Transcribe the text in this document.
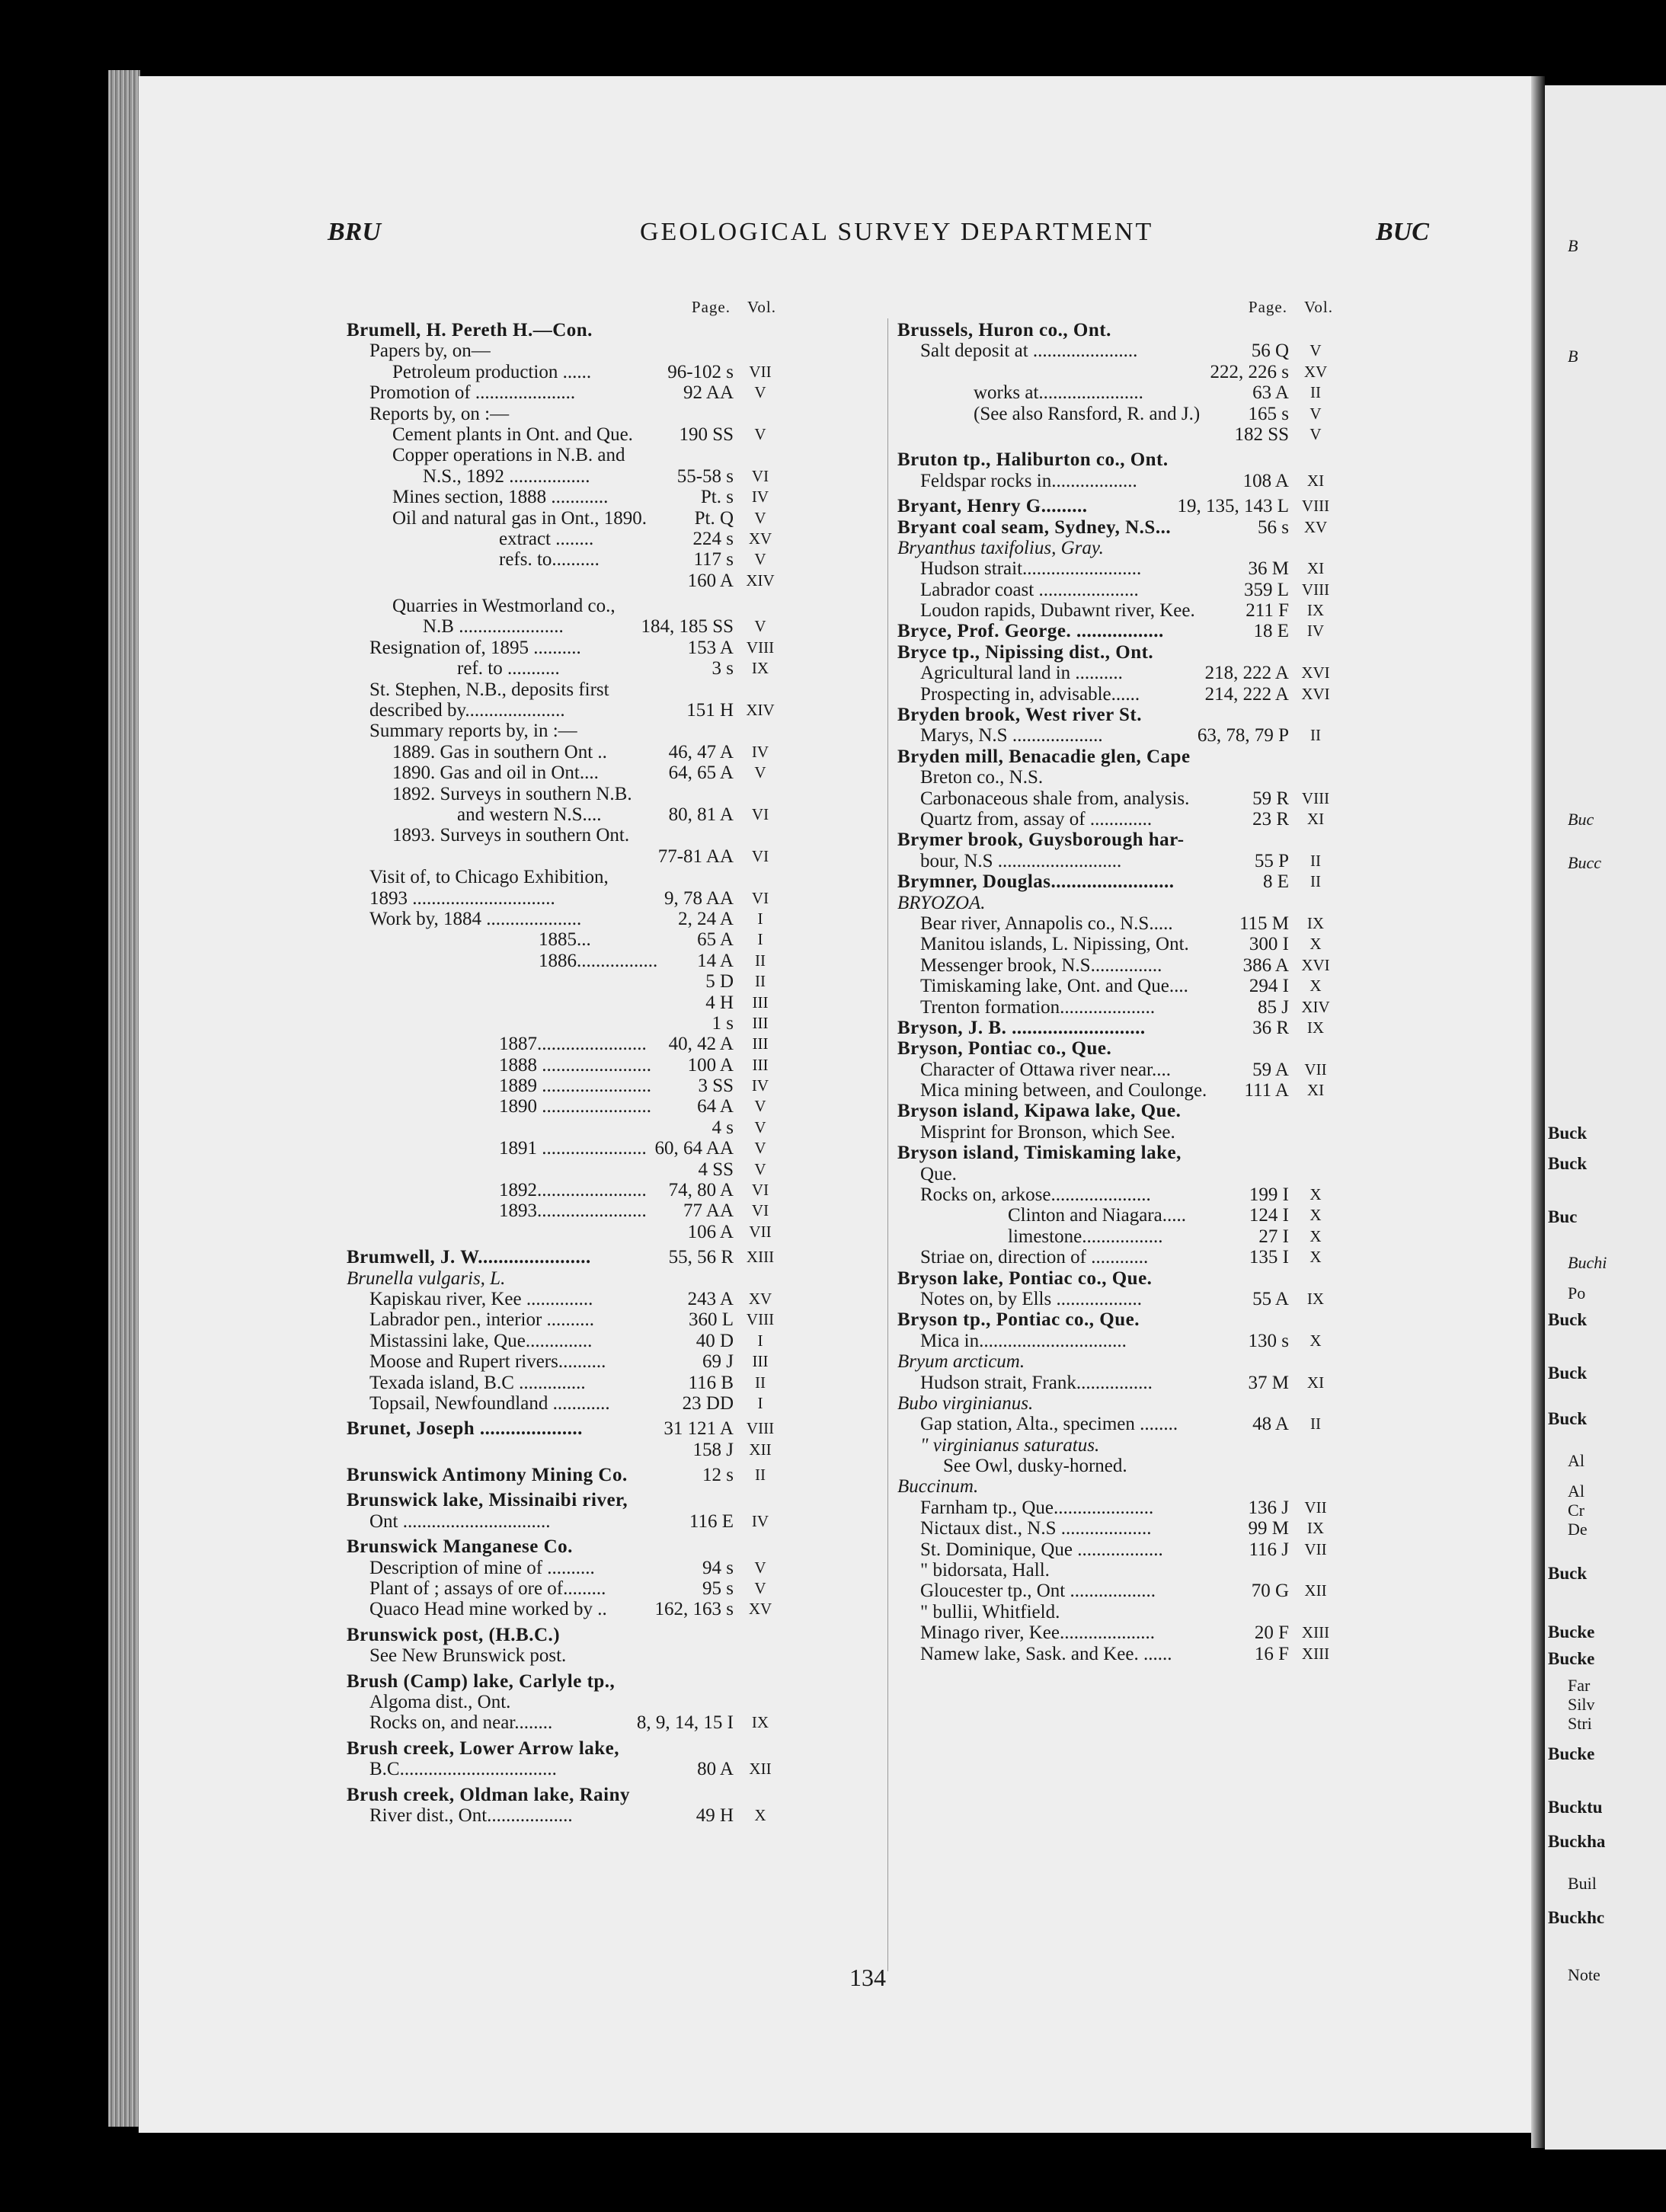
B
B
Buc
Bucc
Buck
Buck
Buc
Buchi
Po
Buck
Buck
Buck
Al
Al
Cr
De
Buck
Bucke
Bucke
Far
Silv
Stri
Bucke
Bucktu
Buckha
Buil
Buckhc
Note
BRU	GEOLOGICAL SURVEY DEPARTMENT	BUC
Page. Vol.
Brumell, H. Pereth H.—Con.
Papers by, on—
Petroleum production ......	96-102 s VII
Promotion of .....................	92 AA	V
Reports by, on :—
Cement plants in Ont. and Que. 190 SS	V
Copper operations in N.B. and
N.S., 1892 .................	55-58 s	VI
Mines section, 1888 ............	Pt. s	IV
Oil and natural gas in Ont., 1890.	Pt. Q	V
extract ........	224 s XV
refs. to..........	117 s	V
160 A XIV
Quarries in Westmorland co.,
N.B ......................	184, 185 SS	V
Resignation of, 1895 ..........	153 A VIII
ref. to ...........	3 s	IX
St. Stephen, N.B., deposits first
described by.....................	151 H XIV
Summary reports by, in :—
1889. Gas in southern Ont ..	46, 47 A	IV
1890. Gas and oil in Ont....	64, 65 A	V
1892. Surveys in southern N.B.
and western N.S....	80, 81 A	VI
1893. Surveys in southern Ont.
77-81 AA	VI
Visit of, to Chicago Exhibition,
1893 ..............................	9, 78 AA	VI
Work by, 1884 ....................	2, 24 A	I
1885...	65 A	I
1886................. 14 A	II
5 D	II
4 H	III
1 s	III
1887....................... 40, 42 A	III
1888 ....................... 100 A	III
1889 ....................... 3 SS	IV
1890 ....................... 64 A	V
4 s	V
1891 ...................... 60, 64 AA	V
4 SS	V
1892....................... 74, 80 A	VI
1893....................... 77 AA	VI
106 A VII
Brumwell, J. W......................	55, 56 R XIII
Brunella vulgaris, L.
Kapiskau river, Kee ..............	243 A XV
Labrador pen., interior ..........	360 L VIII
Mistassini lake, Que..............	40 D	I
Moose and Rupert rivers..........	69 J	III
Texada island, B.C ..............	116 B	II
Topsail, Newfoundland ............	23 DD	I
Brunet, Joseph ....................	31 121 A VIII
158 J XII
Brunswick Antimony Mining Co.	12 s	II
Brunswick lake, Missinaibi river,
Ont ...............................	116 E	IV
Brunswick Manganese Co.
Description of mine of ..........	94 s	V
Plant of ; assays of ore of.........	95 s	V
Quaco Head mine worked by ..	162, 163 s XV
Brunswick post, (H.B.C.)
See New Brunswick post.
Brush (Camp) lake, Carlyle tp.,
Algoma dist., Ont.
Rocks on, and near........	8, 9, 14, 15 I	IX
Brush creek, Lower Arrow lake,
B.C.................................	80 A XII
Brush creek, Oldman lake, Rainy
River dist., Ont..................	49 H	X
Page. Vol.
Brussels, Huron co., Ont.
Salt deposit at ......................	56 Q	V
222, 226 s XV
works at......................	63 A	II
(See also Ransford, R. and J.)	165 s	V
182 SS	V
Bruton tp., Haliburton co., Ont.
Feldspar rocks in..................	108 A	XI
Bryant, Henry G.........	19, 135, 143 L VIII
Bryant coal seam, Sydney, N.S...	56 s XV
Bryanthus taxifolius, Gray.
Hudson strait.........................	36 M	XI
Labrador coast .....................	359 L VIII
Loudon rapids, Dubawnt river, Kee.	211 F	IX
Bryce, Prof. George. .................	18 E	IV
Bryce tp., Nipissing dist., Ont.
Agricultural land in ..........	218, 222 A XVI
Prospecting in, advisable......	214, 222 A XVI
Bryden brook, West river St.
Marys, N.S ...................	63, 78, 79 P	II
Bryden mill, Benacadie glen, Cape
Breton co., N.S.
Carbonaceous shale from, analysis.	59 R VIII
Quartz from, assay of .............	23 R	XI
Brymer brook, Guysborough har-
bour, N.S ..........................	55 P	II
Brymner, Douglas........................	8 E	II
BRYOZOA.
Bear river, Annapolis co., N.S.....	115 M	IX
Manitou islands, L. Nipissing, Ont.	300 I	X
Messenger brook, N.S...............	386 A XVI
Timiskaming lake, Ont. and Que....	294 I	X
Trenton formation....................	85 J XIV
Bryson, J. B. ..........................	36 R	IX
Bryson, Pontiac co., Que.
Character of Ottawa river near....	59 A VII
Mica mining between, and Coulonge. 111 A	XI
Bryson island, Kipawa lake, Que.
Misprint for Bronson, which See.
Bryson island, Timiskaming lake,
Que.
Rocks on, arkose.....................	199 I	X
Clinton and Niagara.....	124 I	X
limestone.................	27 I	X
Striae on, direction of ............	135 I	X
Bryson lake, Pontiac co., Que.
Notes on, by Ells ..................	55 A	IX
Bryson tp., Pontiac co., Que.
Mica in...............................	130 s	X
Bryum arcticum.
Hudson strait, Frank................	37 M	XI
Bubo virginianus.
Gap station, Alta., specimen ........	48 A	II
" virginianus saturatus.
See Owl, dusky-horned.
Buccinum.
Farnham tp., Que.....................	136 J VII
Nictaux dist., N.S ...................	99 M	IX
St. Dominique, Que ..................	116 J VII
" bidorsata, Hall.
Gloucester tp., Ont ..................	70 G XII
" bullii, Whitfield.
Minago river, Kee....................	20 F XIII
Namew lake, Sask. and Kee. ......	16 F XIII
134
